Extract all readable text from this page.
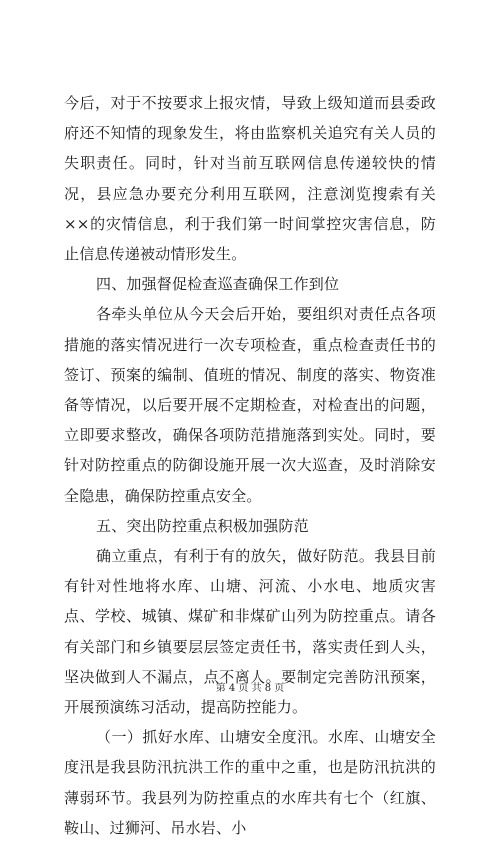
今后，对于不按要求上报灾情，导致上级知道而县委政府还不知情的现象发生，将由监察机关追究有关人员的失职责任。同时，针对当前互联网信息传递较快的情况，县应急办要充分利用互联网，注意浏览搜索有关××的灾情信息，利于我们第一时间掌控灾害信息，防止信息传递被动情形发生。

四、加强督促检查巡查确保工作到位

各牵头单位从今天会后开始，要组织对责任点各项措施的落实情况进行一次专项检查，重点检查责任书的签订、预案的编制、值班的情况、制度的落实、物资准备等情况，以后要开展不定期检查，对检查出的问题，立即要求整改，确保各项防范措施落到实处。同时，要针对防控重点的防御设施开展一次大巡查，及时消除安全隐患，确保防控重点安全。

五、突出防控重点积极加强防范

确立重点，有利于有的放矢，做好防范。我县目前有针对性地将水库、山塘、河流、小水电、地质灾害点、学校、城镇、煤矿和非煤矿山列为防控重点。请各有关部门和乡镇要层层签定责任书，落实责任到人头，坚决做到人不漏点，点不离人。要制定完善防汛预案，开展预演练习活动，提高防控能力。

（一）抓好水库、山塘安全度汛。水库、山塘安全度汛是我县防汛抗洪工作的重中之重，也是防汛抗洪的薄弱环节。我县列为防控重点的水库共有七个（红旗、鞍山、过狮河、吊水岩、小

第 4 页 共 8 页
